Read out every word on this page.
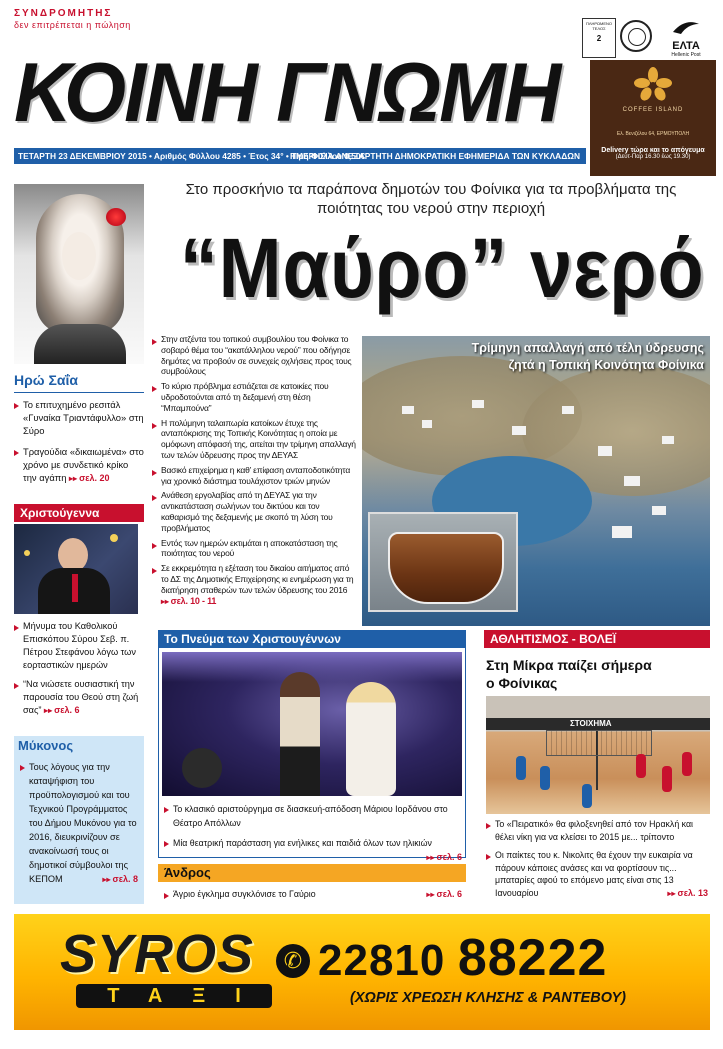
ΣΥΝΔΡΟΜΗΤΗΣ
δεν επιτρέπεται η πώληση
ΚΟΙΝΗ ΓΝΩΜΗ
ΠΛΗΡΩΜΕΝΟ ΤΕΛΟΣ

2
ΕΛΤΑ
Hellenic Post
COFFEE ISLAND
Ελ. Βενιζέλου 64, ΕΡΜΟΥΠΟΛΗ
Delivery τώρα και το απόγευμα
(Δευτ-Παρ 16.30 έως 19.30)
ΤΕΤΑΡΤΗ 23 ΔΕΚΕΜΒΡΙΟΥ 2015 • Αριθμός Φύλλου 4285 • Έτος 34° • Τιμή Φύλλου 0,50€
ΗΜΕΡΗΣΙΑ ΑΝΕΞΑΡΤΗΤΗ ΔΗΜΟΚΡΑΤΙΚΗ ΕΦΗΜΕΡΙΔΑ ΤΩΝ ΚΥΚΛΑΔΩΝ
Ηρώ Σαΐα
Το επιτυχημένο ρεσιτάλ «Γυναίκα Τριαντάφυλλο» στη Σύρο
Τραγούδια «δικαιωμένα» στο χρόνο με συνδετικό κρίκο την αγάπη ▸▸ σελ. 20
Χριστούγεννα
Μήνυμα του Καθολικού Επισκόπου Σύρου Σεβ. π. Πέτρου Στεφάνου λόγω των εορταστικών ημερών
“Να νιώσετε ουσιαστική την παρουσία του Θεού στη ζωή σας” ▸▸ σελ. 6
Μύκονος
Τους λόγους για την καταψήφιση του προϋπολογισμού και του Τεχνικού Προγράμματος του Δήμου Μυκόνου για το 2016, διευκρινίζουν σε ανακοίνωσή τους οι δημοτικοί σύμβουλοι της ΚΕΠΟΜ	▸▸ σελ. 8
Στο προσκήνιο τα παράπονα δημοτών του Φοίνικα για τα προβλήματα της ποιότητας του νερού στην περιοχή
“Μαύρο” νερό
Στην ατζέντα του τοπικού συμβουλίου του Φοίνικα το σοβαρό θέμα του “ακατάλληλου νερού” που οδήγησε δημότες να προβούν σε συνεχείς οχλήσεις προς τους συμβούλους
Το κύριο πρόβλημα εστιάζεται σε κατοικίες που υδροδοτούνται από τη δεξαμενή στη θέση “Μπαμπούνα”
Η πολύμηνη ταλαιπωρία κατοίκων έτυχε της ανταπόκρισης της Τοπικής Κοινότητας η οποία με ομόφωνη απόφασή της, αιτείται την τρίμηνη απαλλαγή των τελών ύδρευσης προς την ΔΕΥΑΣ
Βασικό επιχείρημα η καθ’ επίφαση ανταποδοτικότητα για χρονικό διάστημα τουλάχιστον τριών μηνών
Ανάθεση εργολαβίας από τη ΔΕΥΑΣ για την αντικατάσταση σωλήνων του δικτύου και τον καθαρισμό της δεξαμενής με σκοπό τη λύση του προβλήματος
Εντός των ημερών εκτιμάται η αποκατάσταση της ποιότητας του νερού
Σε εκκρεμότητα η εξέταση του δικαίου αιτήματος από το ΔΣ της Δημοτικής Επιχείρησης κι ενημέρωση για τη διατήρηση σταθερών των τελών ύδρευσης του 2016 ▸▸ σελ. 10 - 11
Τρίμηνη απαλλαγή από τέλη ύδρευσης
ζητά η Τοπική Κοινότητα Φοίνικα
Το Πνεύμα των Χριστουγέννων
Το κλασικό αριστούργημα σε διασκευή-απόδοση Μάριου Ιορδάνου στο Θέατρο Απόλλων
Μία θεατρική παράσταση για ενήλικες και παιδιά όλων των ηλικιών
▸▸ σελ. 6
Άνδρος
Άγριο έγκλημα συγκλόνισε το Γαύριο	▸▸ σελ. 6
ΑΘΛΗΤΙΣΜΟΣ - ΒΟΛΕΪ
Στη Μίκρα παίζει σήμερα
ο Φοίνικας
ΣΤΟΙΧΗΜΑ
Το «Πειρατικό» θα φιλοξενηθεί από τον Ηρακλή και θέλει νίκη για να κλείσει το 2015 με... τρίποντο
Οι παίκτες του κ. Νικολιτς θα έχουν την ευκαιρία να πάρουν κάποιες ανάσες και να φορτίσουν τις... μπαταρίες αφού το επόμενο ματς είναι στις 13 Ιανουαρίου	▸▸ σελ. 13
SYROS
ΤΑΞΙ
✆ 22810 88222
(ΧΩΡΙΣ ΧΡΕΩΣΗ ΚΛΗΣΗΣ & ΡΑΝΤΕΒΟΥ)
